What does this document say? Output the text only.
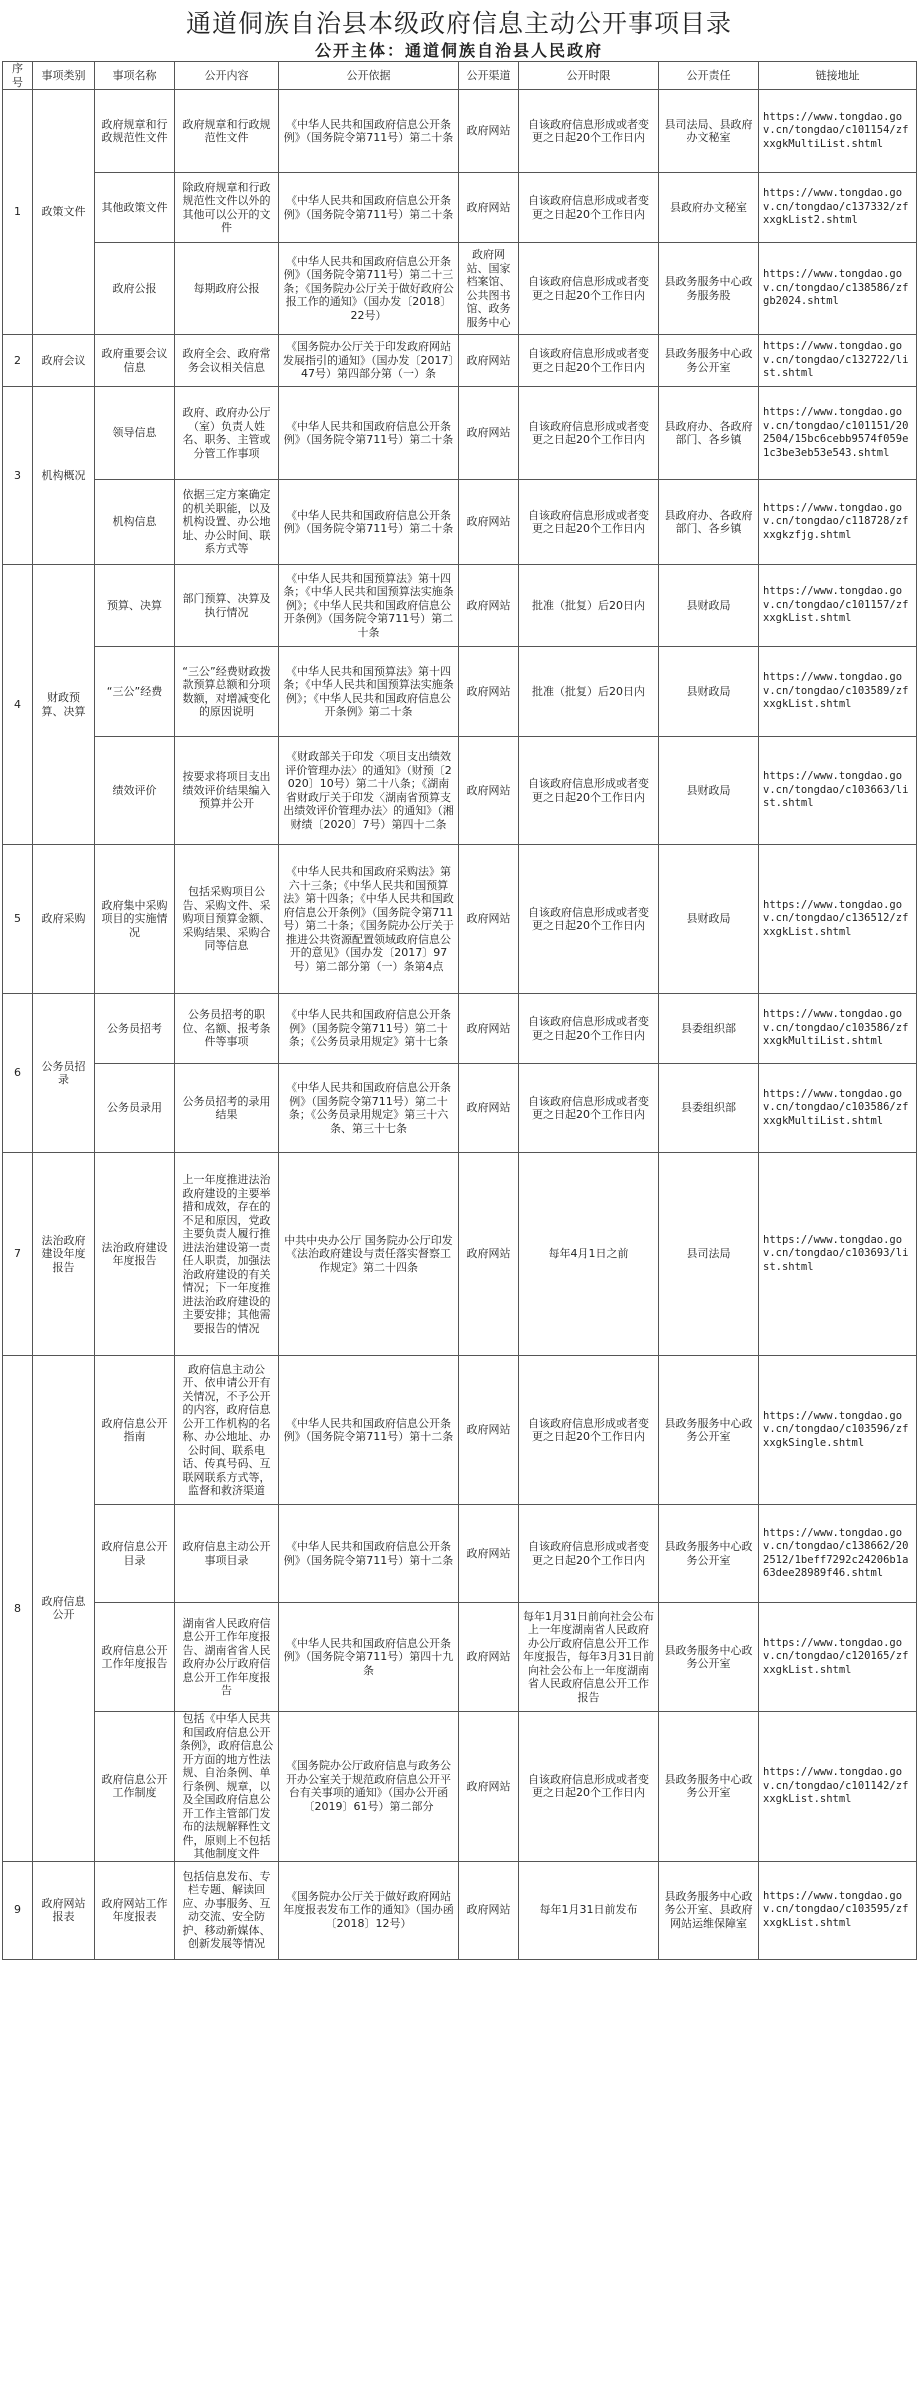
通道侗族自治县本级政府信息主动公开事项目录
公开主体：通道侗族自治县人民政府
序号	事项类别	事项名称	公开内容	公开依据	公开渠道	公开时限	公开责任	链接地址
1	政策文件	政府规章和行政规范性文件	政府规章和行政规范性文件	《中华人民共和国政府信息公开条例》（国务院令第711号）第二十条	政府网站	自该政府信息形成或者变更之日起20个工作日内	县司法局、县政府办文秘室	https://www.tongdao.gov.cn/tongdao/c101154/zfxxgkMultiList.shtml
		其他政策文件	除政府规章和行政规范性文件以外的其他可以公开的文件	《中华人民共和国政府信息公开条例》（国务院令第711号）第二十条	政府网站	自该政府信息形成或者变更之日起20个工作日内	县政府办文秘室	https://www.tongdao.gov.cn/tongdao/c137332/zfxxgkList2.shtml
		政府公报	每期政府公报	《中华人民共和国政府信息公开条例》（国务院令第711号）第二十三条；《国务院办公厅关于做好政府公报工作的通知》（国办发〔2018〕22号）	政府网站、国家档案馆、公共图书馆、政务服务中心	自该政府信息形成或者变更之日起20个工作日内	县政务服务中心政务服务股	https://www.tongdao.gov.cn/tongdao/c138586/zfgb2024.shtml
2	政府会议	政府重要会议信息	政府全会、政府常务会议相关信息	《国务院办公厅关于印发政府网站发展指引的通知》（国办发〔2017〕47号）第四部分第（一）条	政府网站	自该政府信息形成或者变更之日起20个工作日内	县政务服务中心政务公开室	https://www.tongdao.gov.cn/tongdao/c132722/list.shtml
3	机构概况	领导信息	政府、政府办公厅（室）负责人姓名、职务、主管或分管工作事项	《中华人民共和国政府信息公开条例》（国务院令第711号）第二十条	政府网站	自该政府信息形成或者变更之日起20个工作日内	县政府办、各政府部门、各乡镇	https://www.tongdao.gov.cn/tongdao/c101151/202504/15bc6cebb9574f059e1c3be3eb53e543.shtml
		机构信息	依据三定方案确定的机关职能，以及机构设置、办公地址、办公时间、联系方式等	《中华人民共和国政府信息公开条例》（国务院令第711号）第二十条	政府网站	自该政府信息形成或者变更之日起20个工作日内	县政府办、各政府部门、各乡镇	https://www.tongdao.gov.cn/tongdao/c118728/zfxxgkzfjg.shtml
4	财政预算、决算	预算、决算	部门预算、决算及执行情况	《中华人民共和国预算法》第十四条；《中华人民共和国预算法实施条例》；《中华人民共和国政府信息公开条例》（国务院令第711号）第二十条	政府网站	批准（批复）后20日内	县财政局	https://www.tongdao.gov.cn/tongdao/c101157/zfxxgkList.shtml
		“三公”经费	“三公”经费财政拨款预算总额和分项数额，对增减变化的原因说明	《中华人民共和国预算法》第十四条；《中华人民共和国预算法实施条例》；《中华人民共和国政府信息公开条例》第二十条	政府网站	批准（批复）后20日内	县财政局	https://www.tongdao.gov.cn/tongdao/c103589/zfxxgkList.shtml
		绩效评价	按要求将项目支出绩效评价结果编入预算并公开	《财政部关于印发〈项目支出绩效评价管理办法〉的通知》（财预〔2020〕10号）第二十八条；《湖南省财政厅关于印发〈湖南省预算支出绩效评价管理办法〉的通知》（湘财绩〔2020〕7号）第四十二条	政府网站	自该政府信息形成或者变更之日起20个工作日内	县财政局	https://www.tongdao.gov.cn/tongdao/c103663/list.shtml
5	政府采购	政府集中采购项目的实施情况	包括采购项目公告、采购文件、采购项目预算金额、采购结果、采购合同等信息	《中华人民共和国政府采购法》第六十三条；《中华人民共和国预算法》第十四条；《中华人民共和国政府信息公开条例》（国务院令第711号）第二十条；《国务院办公厅关于推进公共资源配置领域政府信息公开的意见》（国办发〔2017〕97号）第二部分第（一）条第4点	政府网站	自该政府信息形成或者变更之日起20个工作日内	县财政局	https://www.tongdao.gov.cn/tongdao/c136512/zfxxgkList.shtml
6	公务员招录	公务员招考	公务员招考的职位、名额、报考条件等事项	《中华人民共和国政府信息公开条例》（国务院令第711号）第二十条；《公务员录用规定》第十七条	政府网站	自该政府信息形成或者变更之日起20个工作日内	县委组织部	https://www.tongdao.gov.cn/tongdao/c103586/zfxxgkMultiList.shtml
		公务员录用	公务员招考的录用结果	《中华人民共和国政府信息公开条例》（国务院令第711号）第二十条；《公务员录用规定》第三十六条、第三十七条	政府网站	自该政府信息形成或者变更之日起20个工作日内	县委组织部	https://www.tongdao.gov.cn/tongdao/c103586/zfxxgkMultiList.shtml
7	法治政府建设年度报告	法治政府建设年度报告	上一年度推进法治政府建设的主要举措和成效，存在的不足和原因，党政主要负责人履行推进法治建设第一责任人职责，加强法治政府建设的有关情况；下一年度推进法治政府建设的主要安排；其他需要报告的情况	中共中央办公厅 国务院办公厅印发《法治政府建设与责任落实督察工作规定》第二十四条	政府网站	每年4月1日之前	县司法局	https://www.tongdao.gov.cn/tongdao/c103693/list.shtml
8	政府信息公开	政府信息公开指南	政府信息主动公开、依申请公开有关情况，不予公开的内容，政府信息公开工作机构的名称、办公地址、办公时间、联系电话、传真号码、互联网联系方式等，监督和救济渠道	《中华人民共和国政府信息公开条例》（国务院令第711号）第十二条	政府网站	自该政府信息形成或者变更之日起20个工作日内	县政务服务中心政务公开室	https://www.tongdao.gov.cn/tongdao/c103596/zfxxgkSingle.shtml
		政府信息公开目录	政府信息主动公开事项目录	《中华人民共和国政府信息公开条例》（国务院令第711号）第十二条	政府网站	自该政府信息形成或者变更之日起20个工作日内	县政务服务中心政务公开室	https://www.tongdao.gov.cn/tongdao/c138662/202512/1beff7292c24206b1a63dee28989f46.shtml
		政府信息公开工作年度报告	湖南省人民政府信息公开工作年度报告、湖南省省人民政府办公厅政府信息公开工作年度报告	《中华人民共和国政府信息公开条例》（国务院令第711号）第四十九条	政府网站	每年1月31日前向社会公布上一年度湖南省人民政府办公厅政府信息公开工作年度报告，每年3月31日前向社会公布上一年度湖南省人民政府信息公开工作报告	县政务服务中心政务公开室	https://www.tongdao.gov.cn/tongdao/c120165/zfxxgkList.shtml
		政府信息公开工作制度	包括《中华人民共和国政府信息公开条例》，政府信息公开方面的地方性法规、自治条例、单行条例、规章，以及全国政府信息公开工作主管部门发布的法规解释性文件，原则上不包括其他制度文件	《国务院办公厅政府信息与政务公开办公室关于规范政府信息公开平台有关事项的通知》（国办公开函〔2019〕61号）第二部分	政府网站	自该政府信息形成或者变更之日起20个工作日内	县政务服务中心政务公开室	https://www.tongdao.gov.cn/tongdao/c101142/zfxxgkList.shtml
9	政府网站报表	政府网站工作年度报表	包括信息发布、专栏专题、解读回应、办事服务、互动交流、安全防护、移动新媒体、创新发展等情况	《国务院办公厅关于做好政府网站年度报表发布工作的通知》（国办函〔2018〕12号）	政府网站	每年1月31日前发布	县政务服务中心政务公开室、县政府网站运维保障室	https://www.tongdao.gov.cn/tongdao/c103595/zfxxgkList.shtml
